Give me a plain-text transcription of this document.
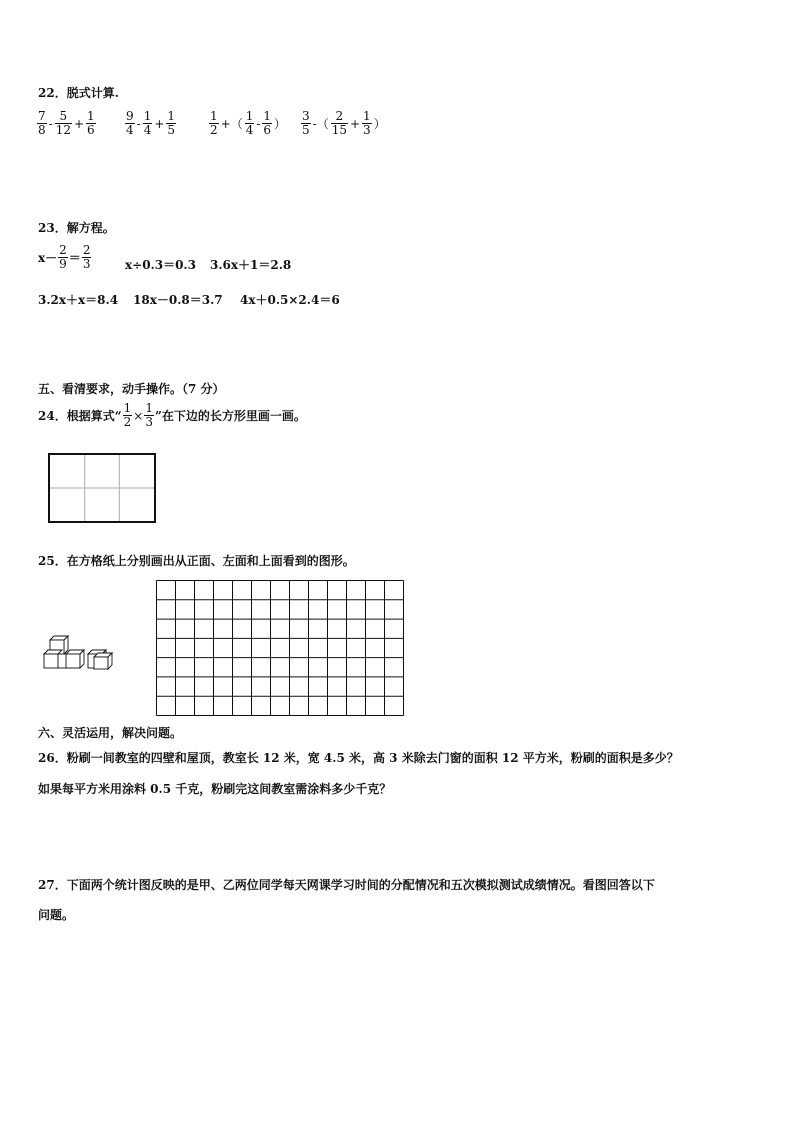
22．脱式计算.
$\frac{7}{8} - \frac{5}{12} + \frac{1}{6} \frac{9}{4} - \frac{1}{4} + \frac{1}{5}$	$\frac{1}{2}$ +（ $\frac{1}{4} - \frac{1}{6}$ ） $\frac{3}{5}$ -（ $\frac{2}{15} + \frac{1}{3}$ ）
23．解方程。
$x- \frac{2}{9} = \frac{2}{3}$	x÷0.3＝0.3 3.6x＋1＝2.8
3.2x＋x＝8.4 18x－0.8＝3.7 4x＋0.5×2.4＝6
五、看清要求，动手操作。（7 分）
24．根据算式“ $\frac{1}{2} \times \frac{1}{3}$ ”在下边的长方形里画一画。
25．在方格纸上分别画出从正面、左面和上面看到的图形。
六、灵活运用，解决问题。
26．粉刷一间教室的四壁和屋顶，教室长 12 米，宽 4.5 米，高 3 米除去门窗的面积 12 平方米，粉刷的面积是多少？
如果每平方米用涂料 0.5 千克，粉刷完这间教室需涂料多少千克？
27．下面两个统计图反映的是甲、乙两位同学每天网课学习时间的分配情况和五次模拟测试成绩情况。看图回答以下
问题。
